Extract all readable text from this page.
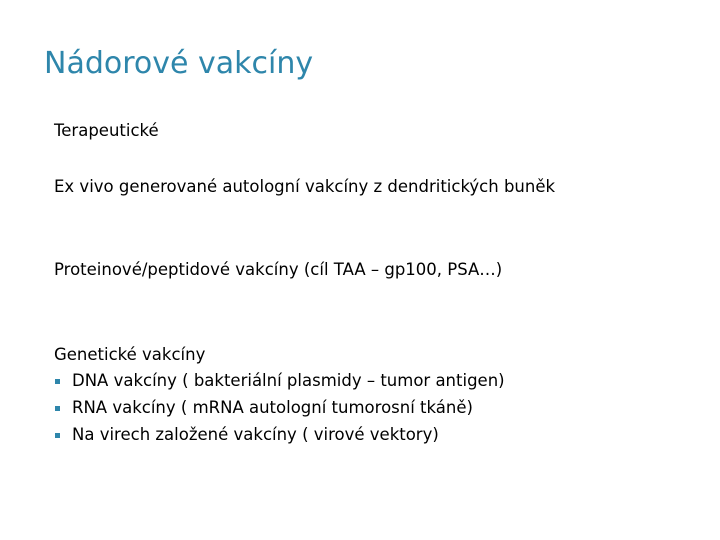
Nádorové vakcíny

Terapeutické

Ex vivo generované autologní vakcíny z dendritických buněk

Proteinové/peptidové vakcíny (cíl TAA – gp100, PSA…)

Genetické vakcíny

DNA vakcíny ( bakteriální plasmidy – tumor antigen)
RNA vakcíny ( mRNA autologní tumorosní tkáně)
Na virech založené vakcíny ( virové vektory)
